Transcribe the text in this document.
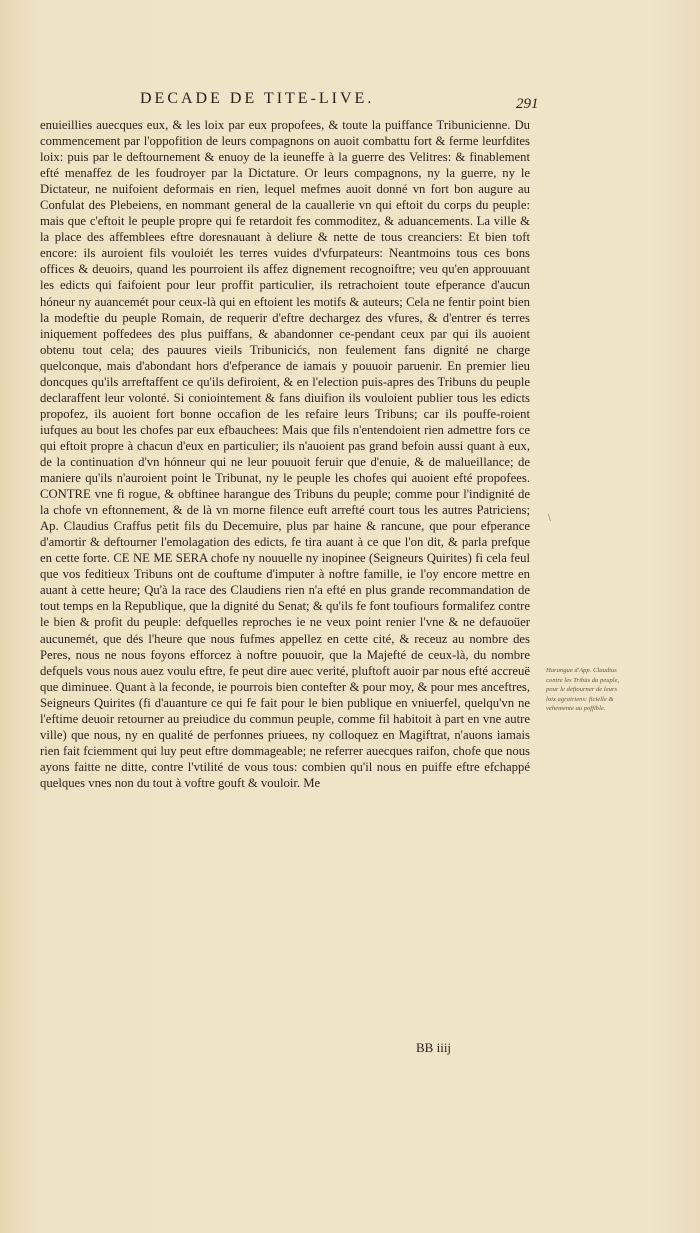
DECADE DE TITE-LIVE.	291

enuieillies auecques eux, & les loix par eux propofees, & toute la puiffance Tribunicienne. Du commencement par l'oppofition de leurs compagnons on auoit combattu fort & ferme leurfdites loix: puis par le deftournement & enuoy de la ieuneffe à la guerre des Velitres: & finablement efté menaffez de les foudroyer par la Dictature. Or leurs compagnons, ny la guerre, ny le Dictateur, ne nuifoient deformais en rien, lequel mefmes auoit donné vn fort bon augure au Confulat des Plebeiens, en nommant general de la cauallerie vn qui eftoit du corps du peuple: mais que c'eftoit le peuple propre qui fe retardoit fes commoditez, & aduancements. La ville & la place des affemblees eftre doresnauant à deliure & nette de tous creanciers: Et bien toft encore: ils auroient fils vouloiét les terres vuides d'vfurpateurs: Neantmoins tous ces bons offices & deuoirs, quand les pourroient ils affez dignement recognoiftre; veu qu'en approuuant les edicts qui faifoient pour leur proffit particulier, ils retrachoient toute efperance d'aucun hóneur ny auancemét pour ceux-là qui en eftoient les motifs & auteurs; Cela ne fentir point bien la modeftie du peuple Romain, de requerir d'eftre dechargez des vfures, & d'entrer és terres iniquement poffedees des plus puiffans, & abandonner ce-pendant ceux par qui ils auoient obtenu tout cela; des pauures vieils Tribunicićs, non feulement fans dignité ne charge quelconque, mais d'abondant hors d'efperance de iamais y pouuoir paruenir. En premier lieu doncques qu'ils arreftaffent ce qu'ils defiroient, & en l'election puis-apres des Tribuns du peuple declaraffent leur volonté. Si coniointement & fans diuifion ils vouloient publier tous les edicts propofez, ils auoient fort bonne occafion de les refaire leurs Tribuns; car ils pouffe-roient iufques au bout les chofes par eux efbauchees: Mais que fils n'entendoient rien admettre fors ce qui eftoit propre à chacun d'eux en particulier; ils n'auoient pas grand befoin aussi quant à eux, de la continuation d'vn hónneur qui ne leur pouuoit feruir que d'enuie, & de malueillance; de maniere qu'ils n'auroient point le Tribunat, ny le peuple les chofes qui auoient efté propofees. CONTRE vne fi rogue, & obftinee harangue des Tribuns du peuple; comme pour l'indignité de la chofe vn eftonnement, & de là vn morne filence euft arrefté court tous les autres Patriciens; Ap. Claudius Craffus petit fils du Decemuire, plus par haine & rancune, que pour efperance d'amortir & deftourner l'emolagation des edicts, fe tira auant à ce que l'on dit, & parla prefque en cette forte. CE NE ME SERA chofe ny nouuelle ny inopinee (Seigneurs Quirites) fi cela feul que vos feditieux Tribuns ont de couftume d'imputer à noftre famille, ie l'oy encore mettre en auant à cette heure; Qu'à la race des Claudiens rien n'a efté en plus grande recommandation de tout temps en la Republique, que la dignité du Senat; & qu'ils fe font toufiours formalifez contre le bien & profit du peuple: defquelles reproches ie ne veux point renier l'vne & ne defauoüer aucunemét, que dés l'heure que nous fufmes appellez en cette cité, & receuz au nombre des Peres, nous ne nous foyons efforcez à noftre pouuoir, que la Majefté de ceux-là, du nombre defquels vous nous auez voulu eftre, fe peut dire auec verité, pluftoft auoir par nous efté accreuë que diminuee. Quant à la feconde, ie pourrois bien contefter & pour moy, & pour mes anceftres, Seigneurs Quirites (fi d'auanture ce qui fe fait pour le bien publique en vniuerfel, quelqu'vn ne l'eftime deuoir retourner au preiudice du commun peuple, comme fil habitoit à part en vne autre ville) que nous, ny en qualité de perfonnes priuees, ny colloquez en Magiftrat, n'auons iamais rien fait fciemment qui luy peut eftre dommageable; ne referrer auecques raifon, chofe que nous ayons faitte ne ditte, contre l'vtilité de vous tous: combien qu'il nous en puiffe eftre efchappé quelques vnes non du tout à voftre gouft & vouloir. Me

\
Harangue d'App. Claudius contre les Tribūs du peuple, pour le deftourner de leurs loix agrairiens: ficielle & vehemente au poffible.
BB iiij
